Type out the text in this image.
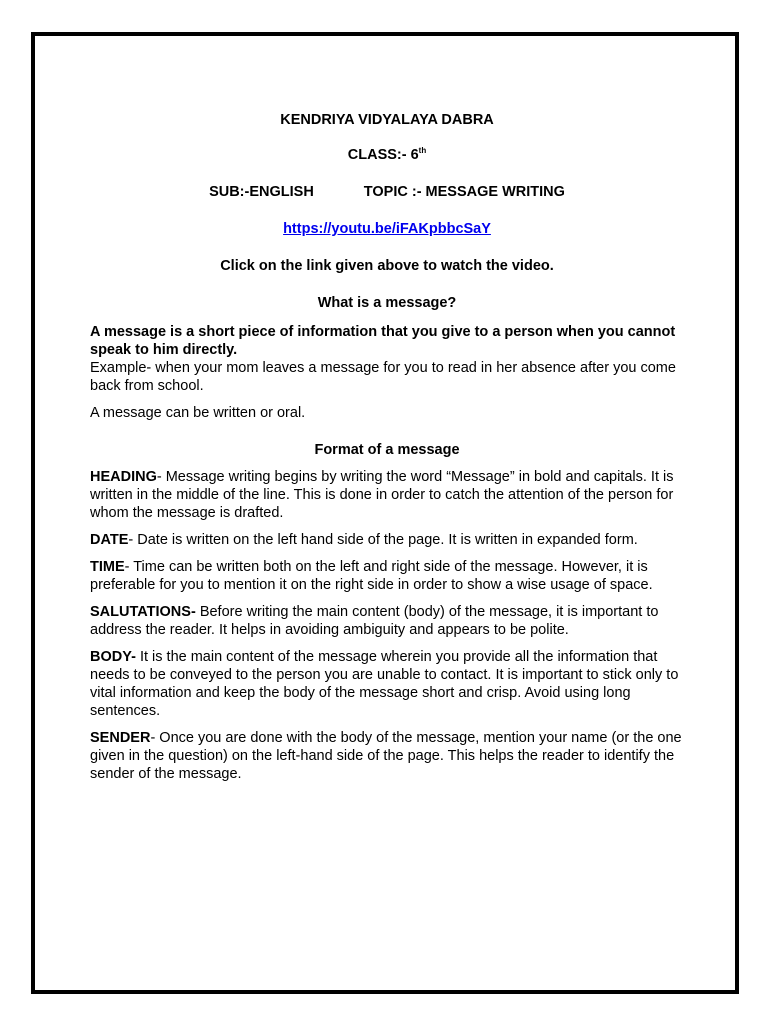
KENDRIYA VIDYALAYA DABRA

CLASS:- 6th

SUB:-ENGLISH	TOPIC :- MESSAGE WRITING

https://youtu.be/iFAKpbbcSaY

Click on the link given above to watch the video.

What is a message?

A message is a short piece of information that you give to a person when you cannot speak to him directly.

Example- when your mom leaves a message for you to read in her absence after you come back from school.

A message can be written or oral.

Format of a message

HEADING- Message writing begins by writing the word “Message” in bold and capitals. It is written in the middle of the line. This is done in order to catch the attention of the person for whom the message is drafted.

DATE- Date is written on the left hand side of the page. It is written in expanded form.

TIME- Time can be written both on the left and right side of the message. However, it is preferable for you to mention it on the right side in order to show a wise usage of space.

SALUTATIONS- Before writing the main content (body) of the message, it is important to address the reader. It helps in avoiding ambiguity and appears to be polite.

BODY- It is the main content of the message wherein you provide all the information that needs to be conveyed to the person you are unable to contact. It is important to stick only to vital information and keep the body of the message short and crisp. Avoid using long sentences.

SENDER- Once you are done with the body of the message, mention your name (or the one given in the question) on the left-hand side of the page. This helps the reader to identify the sender of the message.
